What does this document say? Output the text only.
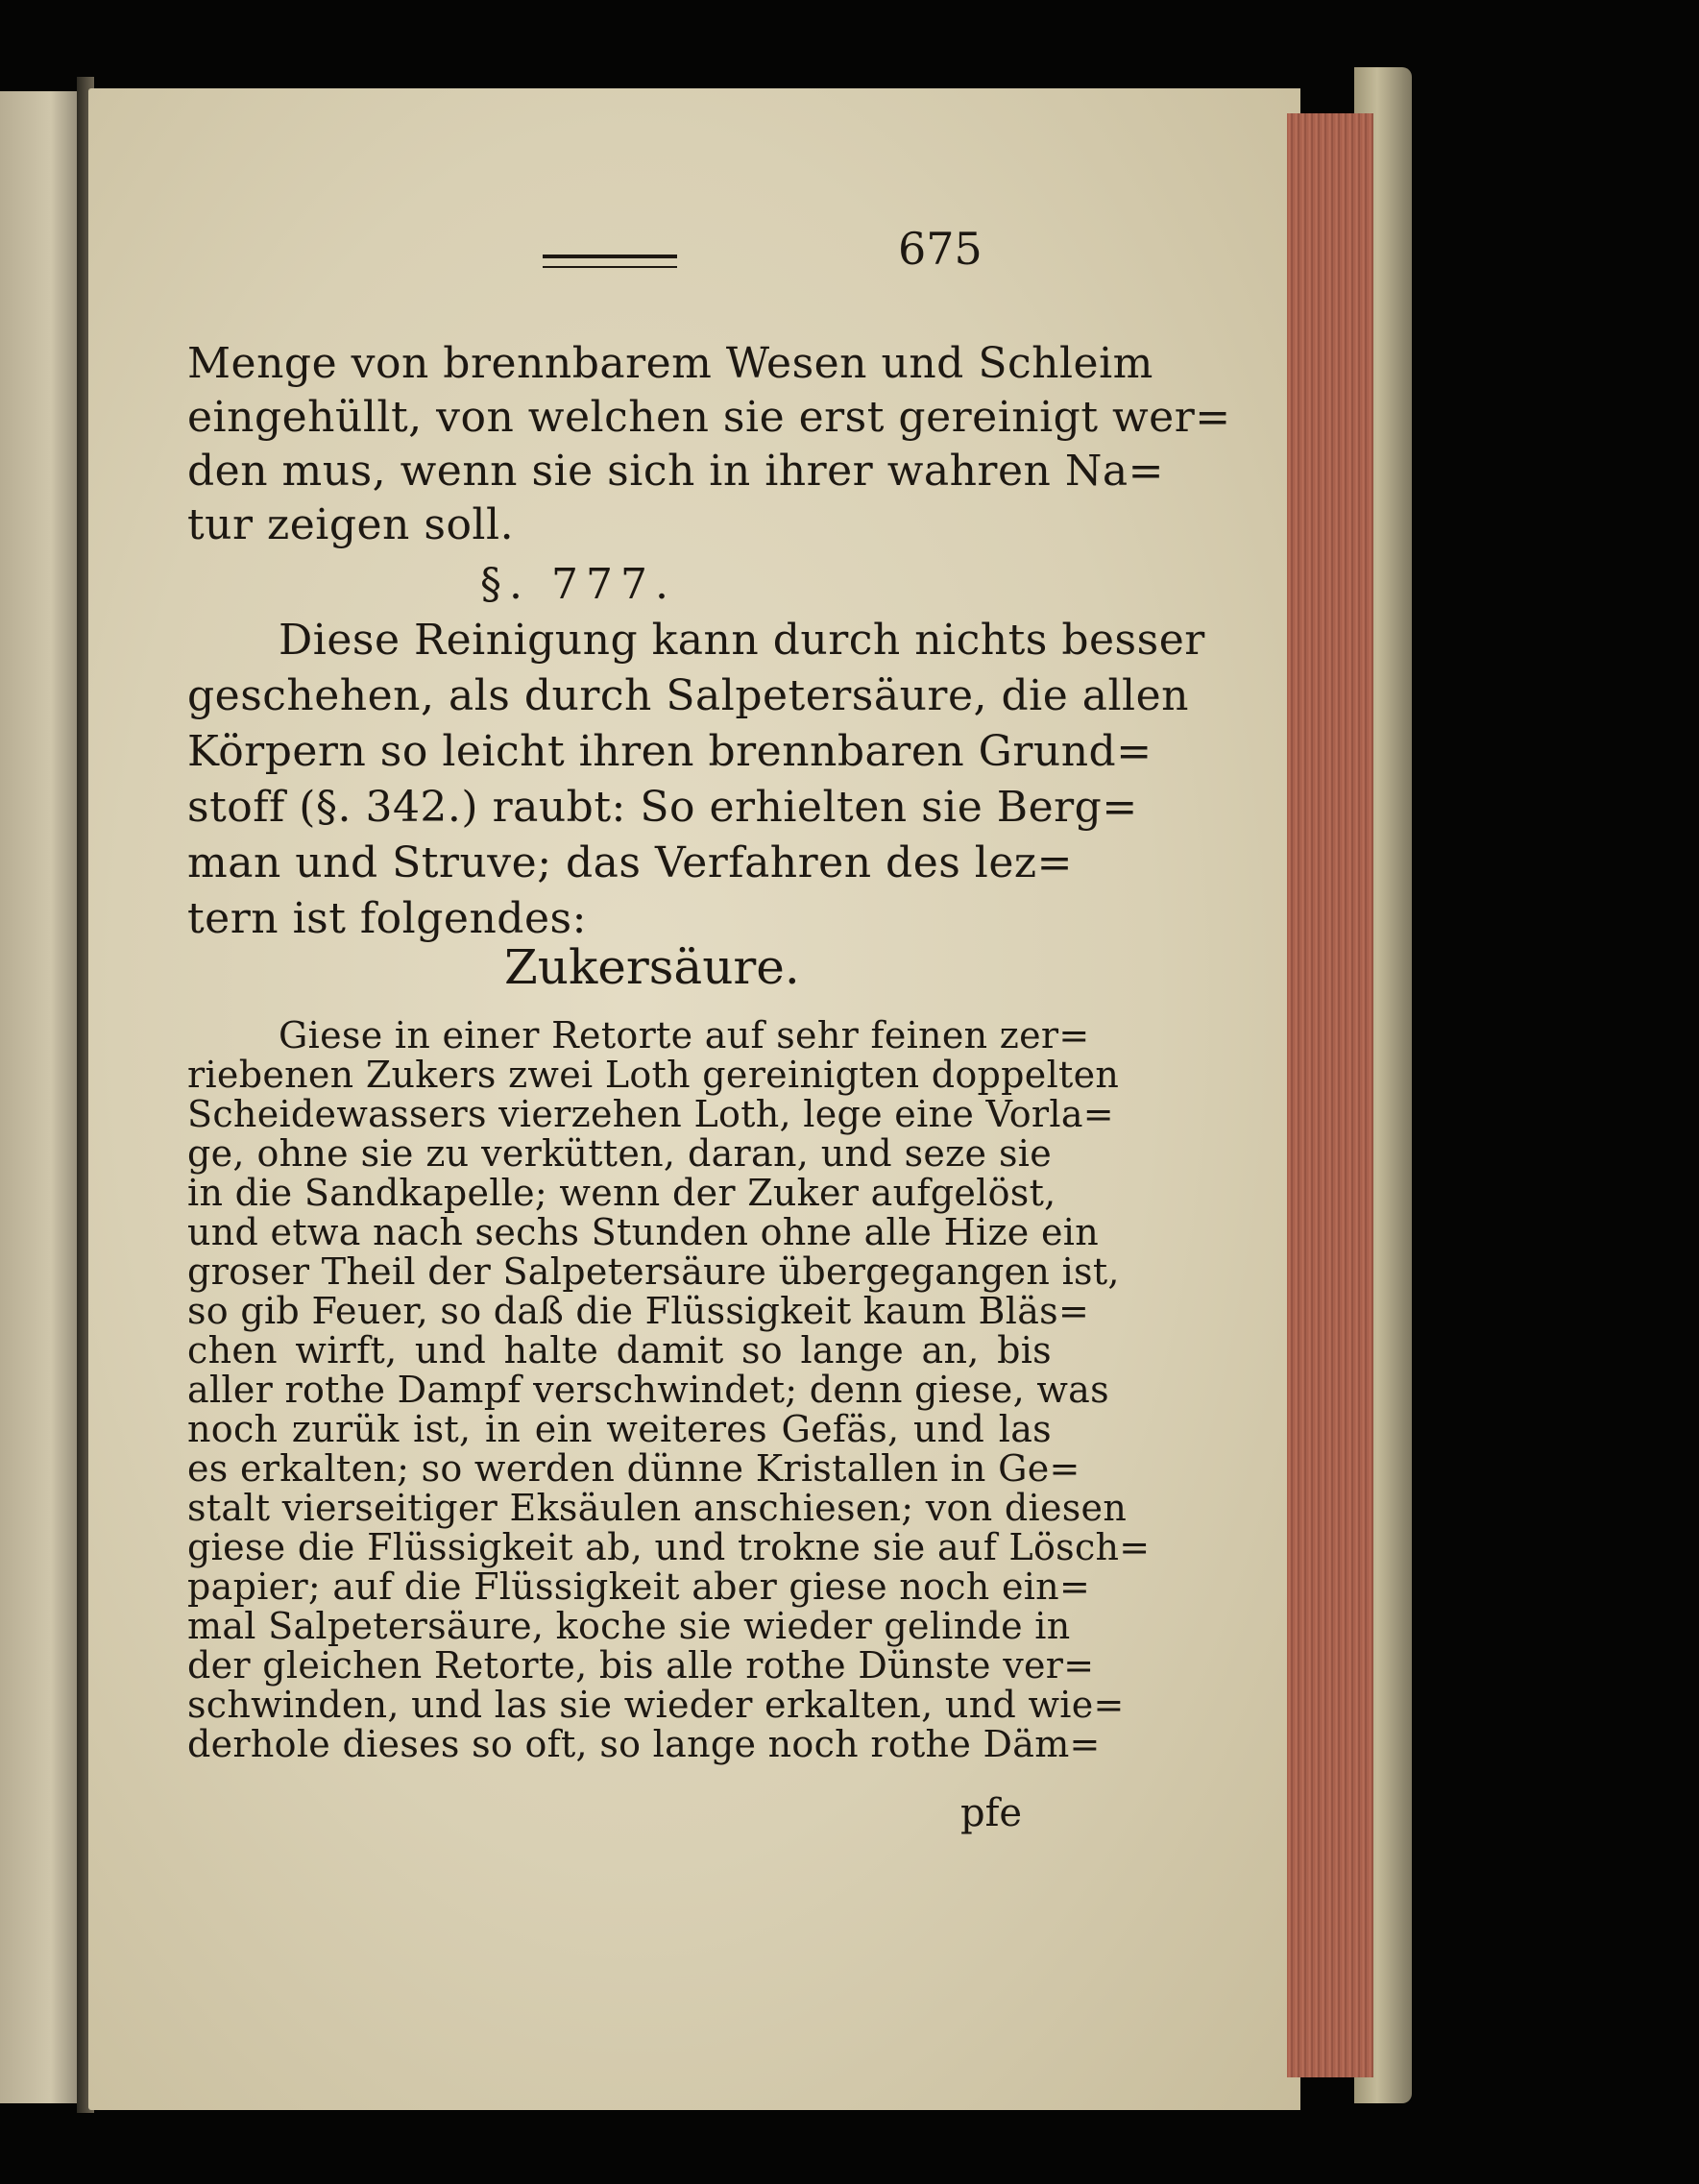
675
Menge von brennbarem Wesen und Schleim
eingehüllt, von welchen sie erst gereinigt wer=
den mus, wenn sie sich in ihrer wahren Na=
tur zeigen soll.
§. 777.
Diese Reinigung kann durch nichts besser
geschehen, als durch Salpetersäure, die allen
Körpern so leicht ihren brennbaren Grund=
stoff (§. 342.) raubt: So erhielten sie Berg=
man und Struve; das Verfahren des lez=
tern ist folgendes:
Zukersäure.
Giese in einer Retorte auf sehr feinen zer=
riebenen Zukers zwei Loth gereinigten doppelten
Scheidewassers vierzehen Loth, lege eine Vorla=
ge, ohne sie zu verkütten, daran, und seze sie
in die Sandkapelle; wenn der Zuker aufgelöst,
und etwa nach sechs Stunden ohne alle Hize ein
groser Theil der Salpetersäure übergegangen ist,
so gib Feuer, so daß die Flüssigkeit kaum Bläs=
chen wirft, und halte damit so lange an, bis
aller rothe Dampf verschwindet; denn giese, was
noch zurük ist, in ein weiteres Gefäs, und las
es erkalten; so werden dünne Kristallen in Ge=
stalt vierseitiger Eksäulen anschiesen; von diesen
giese die Flüssigkeit ab, und trokne sie auf Lösch=
papier; auf die Flüssigkeit aber giese noch ein=
mal Salpetersäure, koche sie wieder gelinde in
der gleichen Retorte, bis alle rothe Dünste ver=
schwinden, und las sie wieder erkalten, und wie=
derhole dieses so oft, so lange noch rothe Däm=
pfe
